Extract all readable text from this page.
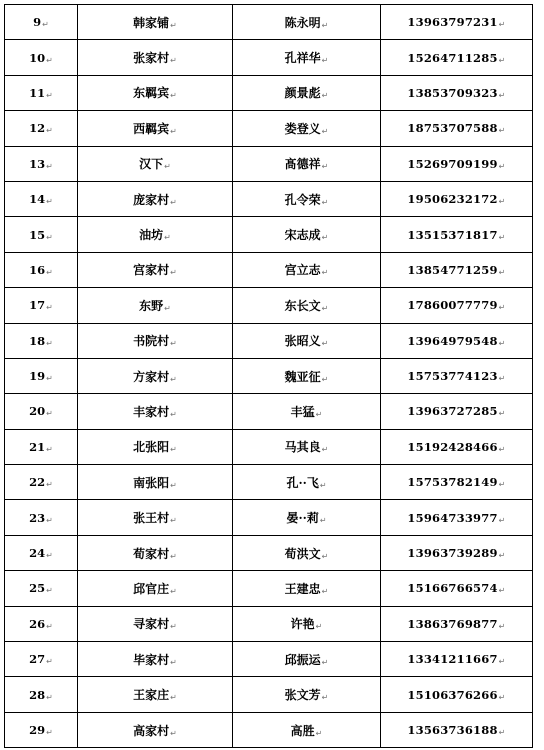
9↵	韩家铺↵	陈永明↵	13963797231↵
10↵	张家村↵	孔祥华↵	15264711285↵
11↵	东羁宾↵	颜景彪↵	13853709323↵
12↵	西羁宾↵	娄登义↵	18753707588↵
13↵	汉下↵	髙德祥↵	15269709199↵
14↵	庞家村↵	孔令荣↵	19506232172↵
15↵	油坊↵	宋志成↵	13515371817↵
16↵	宫家村↵	宫立志↵	13854771259↵
17↵	东野↵	东长文↵	17860077779↵
18↵	书院村↵	张昭义↵	13964979548↵
19↵	方家村↵	魏亚征↵	15753774123↵
20↵	丰家村↵	丰猛↵	13963727285↵
21↵	北张阳↵	马其良↵	15192428466↵
22↵	南张阳↵	孔··飞↵	15753782149↵
23↵	张王村↵	晏··莉↵	15964733977↵
24↵	荀家村↵	荀洪文↵	13963739289↵
25↵	邱官庄↵	王建忠↵	15166766574↵
26↵	寻家村↵	许艳↵	13863769877↵
27↵	毕家村↵	邱振运↵	13341211667↵
28↵	王家庄↵	张文芳↵	15106376266↵
29↵	高家村↵	高胜↵	13563736188↵
